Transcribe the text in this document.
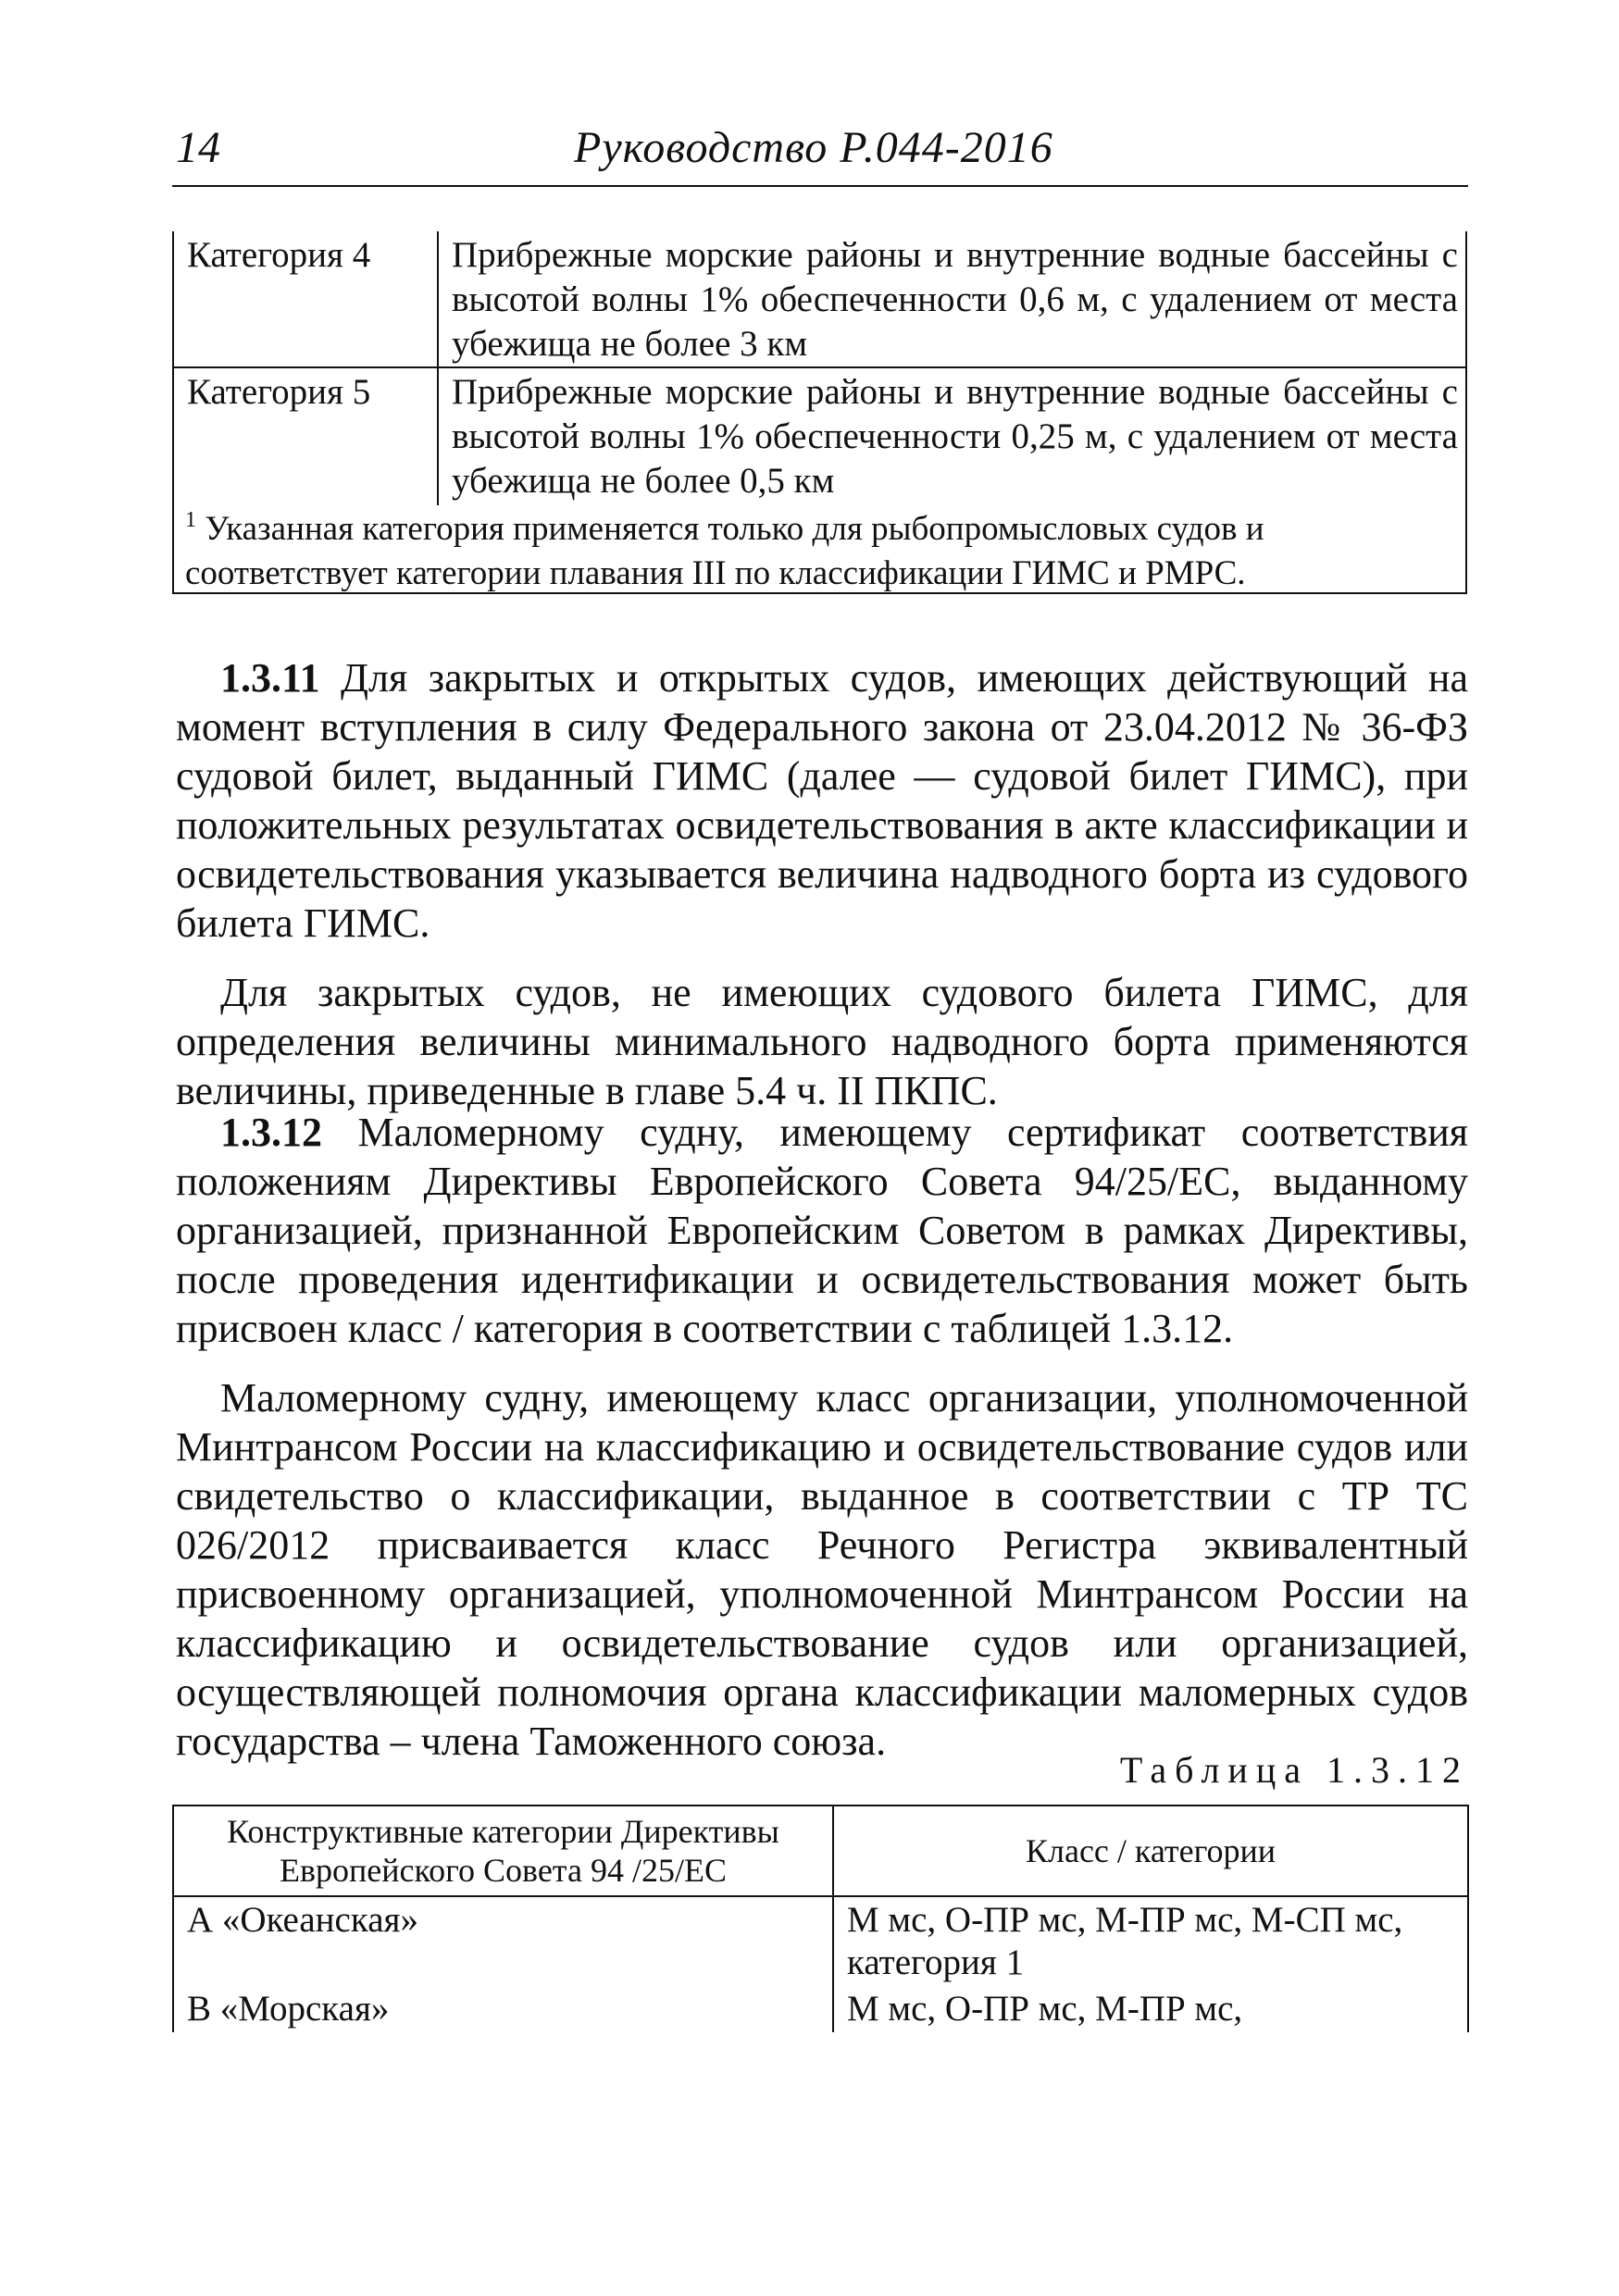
14	Руководство Р.044-2016
Категория 4	Прибрежные морские районы и внутренние водные бассейны с высотой волны 1% обеспеченности 0,6 м, с удалением от места убежища не более 3 км
Категория 5	Прибрежные морские районы и внутренние водные бассейны с высотой волны 1% обеспеченности 0,25 м, с удалением от места убежища не более 0,5 км
$^1$ Указанная категория применяется только для рыбопромысловых судов и соответствует категории плавания III по классификации ГИМС и РМРС.	

1.3.11 Для закрытых и открытых судов, имеющих действующий на момент вступления в силу Федерального закона от 23.04.2012 № 36-ФЗ судовой билет, выданный ГИМС (далее — судовой билет ГИМС), при положительных результатах освидетельствования в акте классификации и освидетельствования указывается величина надводного борта из судового билета ГИМС.

Для закрытых судов, не имеющих судового билета ГИМС, для определения величины минимального надводного борта применяются величины, приведенные в главе 5.4 ч. II ПКПС.

1.3.12 Маломерному судну, имеющему сертификат соответствия положениям Директивы Европейского Совета 94/25/ЕС, выданному организацией, признанной Европейским Советом в рамках Директивы, после проведения идентификации и освидетельствования может быть присвоен класс / категория в соответствии с таблицей 1.3.12.

Маломерному судну, имеющему класс организации, уполномоченной Минтрансом России на классификацию и освидетельствование судов или свидетельство о классификации, выданное в соответствии с ТР ТС 026/2012 присваивается класс Речного Регистра эквивалентный присвоенному организацией, уполномоченной Минтрансом России на классификацию и освидетельствование судов или организацией, осуществляющей полномочия органа классификации маломерных судов государства – члена Таможенного союза.

Таблица 1.3.12
Конструктивные категории Директивы Европейского Совета 94 /25/ЕС	Класс / категории
А «Океанская»	М мс, О-ПР мс, М-ПР мс, М-СП мс, категория 1
В «Морская»	М мс, О-ПР мс, М-ПР мс,
